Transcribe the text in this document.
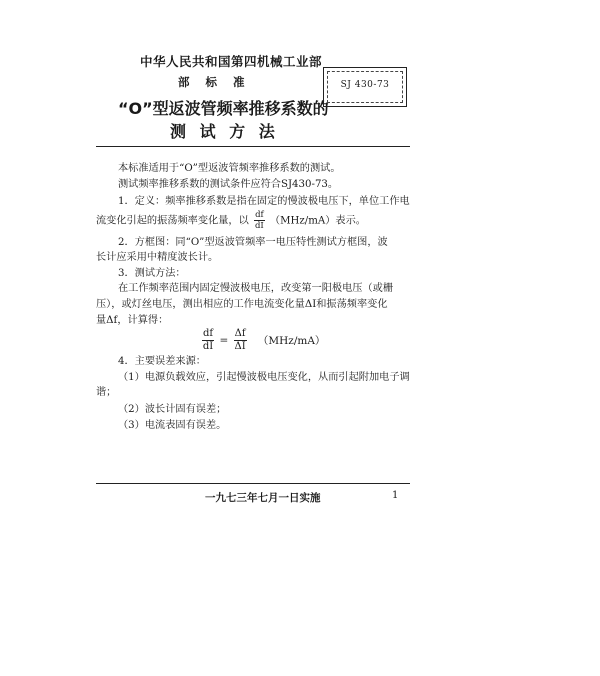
中华人民共和国第四机械工业部
部 标 准
“O”型返波管频率推移系数的
测 试 方 法
SJ 430-73
本标准适用于“O”型返波管频率推移系数的测试。
测试频率推移系数的测试条件应符合SJ430-73。
1．定义：频率推移系数是指在固定的慢波极电压下，单位工作电
流变化引起的振荡频率变化量，以 $\frac{df}{dI} (MHz/mA)$表示。
2．方框图：同“O”型返波管频率一电压特性测试方框图，波
长计应采用中精度波长计。
3．测试方法：
在工作频率范围内固定慢波极电压，改变第一阳极电压（或栅
压），或灯丝电压，测出相应的工作电流变化量ΔI和振荡频率变化
量Δf，计算得：
$\frac{df}{dI} = \frac{\Delta f}{\Delta I} (MHz/mA)$
4．主要误差来源：
（1）电源负载效应，引起慢波极电压变化，从而引起附加电子调
谐；
（2）波长计固有误差；
（3）电流表固有误差。
一九七三年七月一日实施	1
